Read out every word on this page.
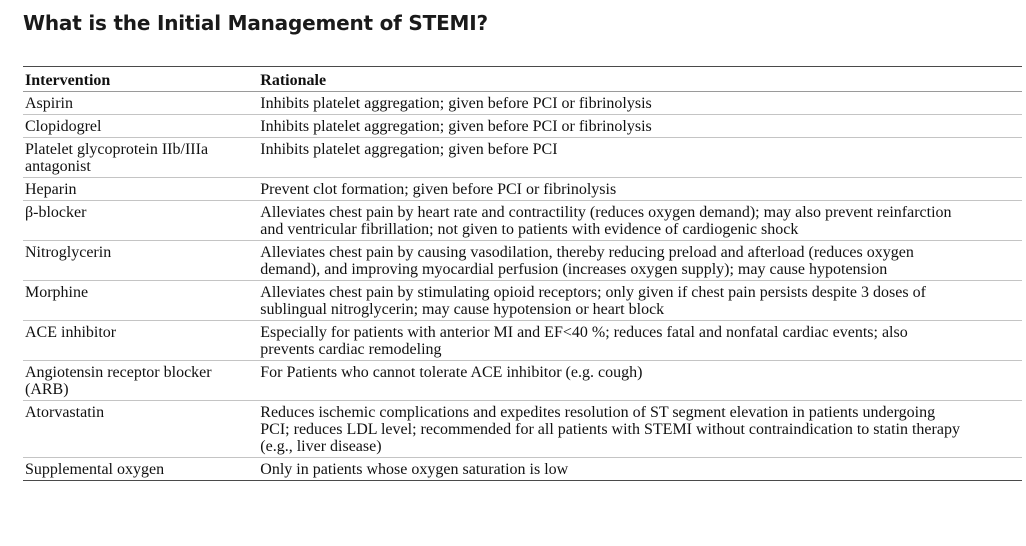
What is the Initial Management of STEMI?
Intervention	Rationale

Aspirin	Inhibits platelet aggregation; given before PCI or fibrinolysis

Clopidogrel	Inhibits platelet aggregation; given before PCI or fibrinolysis

Platelet glycoprotein IIb/IIIa
antagonist	Inhibits platelet aggregation; given before PCI

Heparin	Prevent clot formation; given before PCI or fibrinolysis

β-blocker	Alleviates chest pain by heart rate and contractility (reduces oxygen demand); may also prevent reinfarction
and ventricular fibrillation; not given to patients with evidence of cardiogenic shock

Nitroglycerin	Alleviates chest pain by causing vasodilation, thereby reducing preload and afterload (reduces oxygen
demand), and improving myocardial perfusion (increases oxygen supply); may cause hypotension

Morphine	Alleviates chest pain by stimulating opioid receptors; only given if chest pain persists despite 3 doses of
sublingual nitroglycerin; may cause hypotension or heart block

ACE inhibitor	Especially for patients with anterior MI and EF<40 %; reduces fatal and nonfatal cardiac events; also
prevents cardiac remodeling

Angiotensin receptor blocker
(ARB)	For Patients who cannot tolerate ACE inhibitor (e.g. cough)

Atorvastatin	Reduces ischemic complications and expedites resolution of ST segment elevation in patients undergoing
PCI; reduces LDL level; recommended for all patients with STEMI without contraindication to statin therapy
(e.g., liver disease)

Supplemental oxygen	Only in patients whose oxygen saturation is low
